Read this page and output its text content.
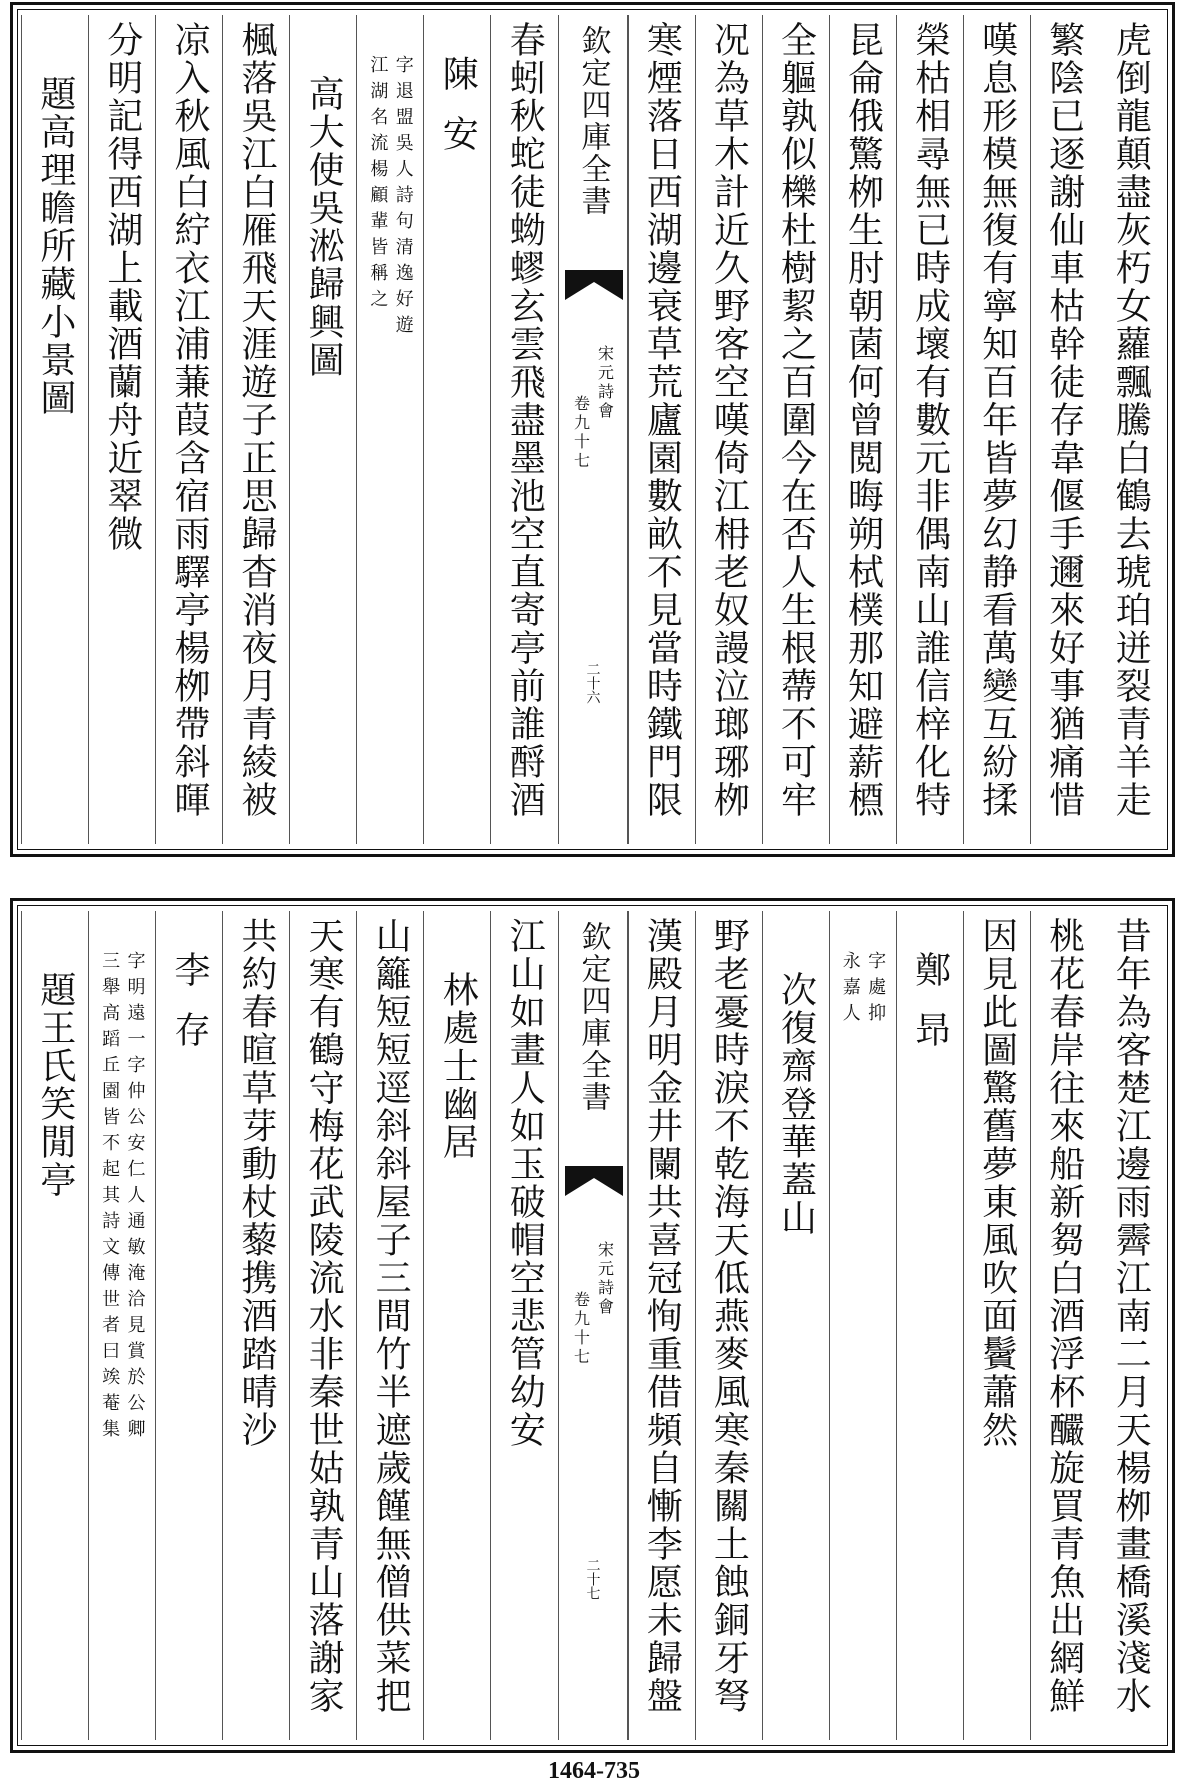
虎倒龍顛盡灰朽女蘿飄騰白鶴去琥珀迸裂青羊走
繁陰已逐謝仙車枯幹徒存韋偃手邇來好事猶痛惜
嘆息形模無復有寧知百年皆夢幻静看萬變互紛揉
榮枯相尋無已時成壞有數元非偶南山誰信梓化特
昆侖俄驚栁生肘朝菌何曾閲晦朔栻樸那知避薪槱
全軀孰似櫟杜樹絜之百圍今在否人生根蔕不可牢
况為草木計近久野客空嘆倚江枏老奴謾泣瑯琊栁
寒煙落日西湖邊衰草荒廬園數畝不見當時鐵門限
欽定四庫全書
宋元詩會
卷九十七
二十六
春蚓秋蛇徒蚴蟉玄雲飛盡墨池空直寄亭前誰酹酒
陳安
字退盟吳人詩句清逸好遊
江湖名流楊顧輩皆稱之
高大使吳淞歸興圖
楓落吳江白雁飛天涯遊子正思歸杳消夜月青綾被
凉入秋風白紵衣江浦蒹葭含宿雨驛亭楊栁帶斜暉
分明記得西湖上載酒蘭舟近翠微
題高理瞻所藏小景圖
昔年為客楚江邊雨霽江南二月天楊栁畫橋溪淺水
桃花春岸往來船新芻白酒浮杯釅旋買青魚出網鮮
因見此圖驚舊夢東風吹面鬢蕭然
鄭昻
字處抑
永嘉人
次復齋登華蓋山
野老憂時淚不乾海天低燕麥風寒秦關土蝕銅牙弩
漢殿月明金井闌共喜冠恂重借頻自慚李愿未歸盤
欽定四庫全書
宋元詩會
卷九十七
二十七
江山如畫人如玉破帽空悲管幼安
林處士幽居
山籬短短逕斜斜屋子三間竹半遮歲饉無僧供菜把
天寒有鶴守梅花武陵流水非秦世姑孰青山落謝家
共約春暄草芽動杖藜携酒踏晴沙
李存
字明遠一字仲公安仁人通敏淹洽見賞於公卿
三舉高蹈丘園皆不起其詩文傳世者曰竢菴集
題王氏笑閒亭
1464-735
